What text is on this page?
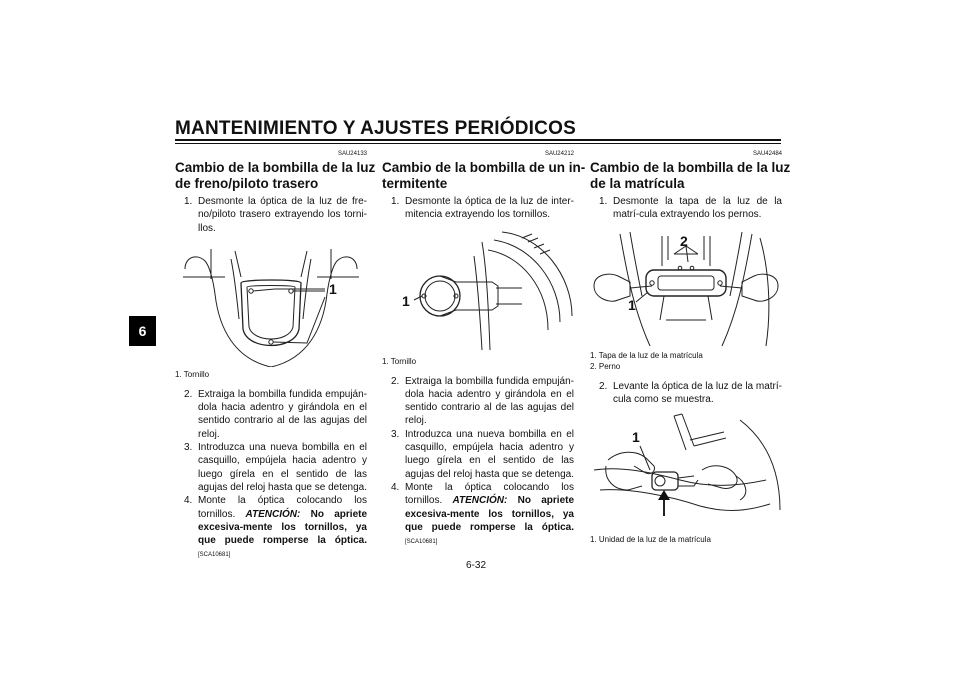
MANTENIMIENTO Y AJUSTES PERIÓDICOS
6
SAU24133
Cambio de la bombilla de la luz
de freno/piloto trasero
1. Desmonte la óptica de la luz de fre-no/piloto trasero extrayendo los torni-llos.
1
1. Tornillo
2. Extraiga la bombilla fundida empuján-dola hacia adentro y girándola en el sentido contrario al de las agujas del reloj.
3. Introduzca una nueva bombilla en el casquillo, empújela hacia adentro y luego gírela en el sentido de las agujas del reloj hasta que se detenga.
4. Monte la óptica colocando los tornillos. ATENCIÓN: No apriete excesiva-mente los tornillos, ya que puede romperse la óptica. [SCA10681]
SAU24212
Cambio de la bombilla de un in-
termitente
1. Desmonte la óptica de la luz de inter-mitencia extrayendo los tornillos.
1
1. Tornillo
2. Extraiga la bombilla fundida empuján-dola hacia adentro y girándola en el sentido contrario al de las agujas del reloj.
3. Introduzca una nueva bombilla en el casquillo, empújela hacia adentro y luego gírela en el sentido de las agujas del reloj hasta que se detenga.
4. Monte la óptica colocando los tornillos. ATENCIÓN: No apriete excesiva-mente los tornillos, ya que puede romperse la óptica. [SCA10681]
SAU42484
Cambio de la bombilla de la luz
de la matrícula
1. Desmonte la tapa de la luz de la matrí-cula extrayendo los pernos.
1
2
1. Tapa de la luz de la matrícula
2. Perno
2. Levante la óptica de la luz de la matrí-cula como se muestra.
1
1. Unidad de la luz de la matrícula
6-32
